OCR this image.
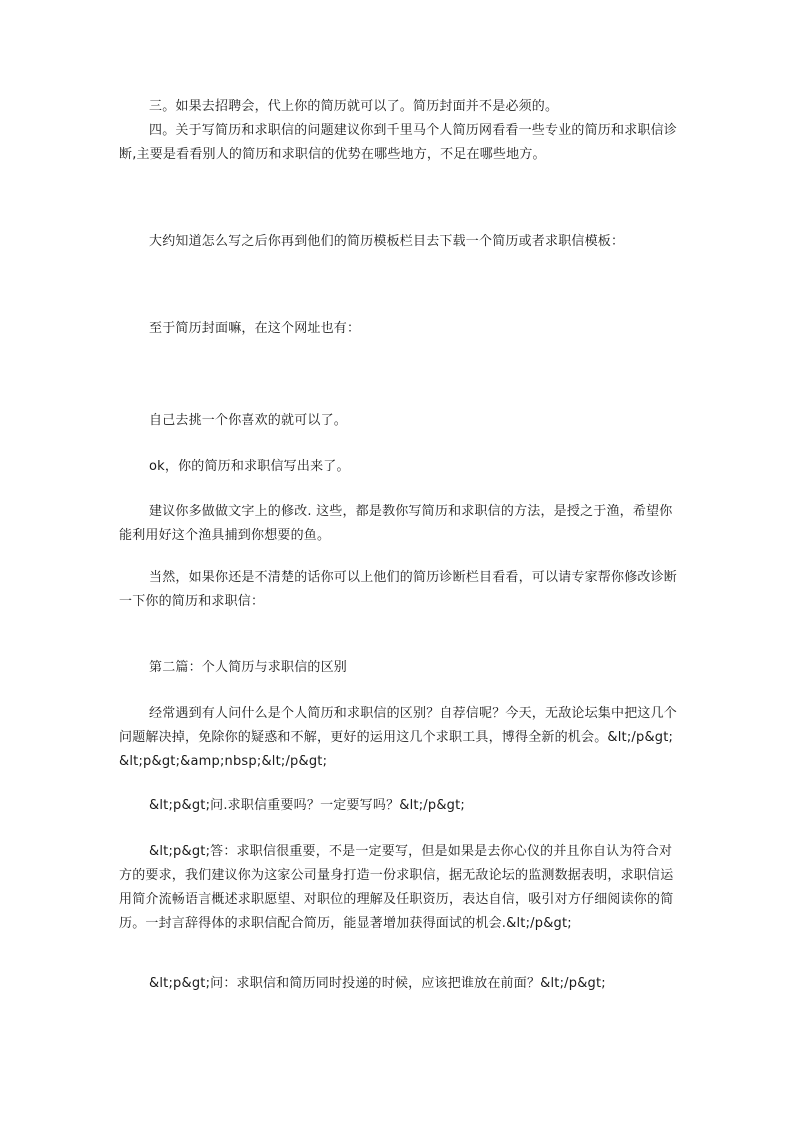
三。如果去招聘会，代上你的简历就可以了。简历封面并不是必须的。

四。关于写简历和求职信的问题建议你到千里马个人简历网看看一些专业的简历和求职信诊断,主要是看看别人的简历和求职信的优势在哪些地方，不足在哪些地方。

大约知道怎么写之后你再到他们的简历模板栏目去下载一个简历或者求职信模板：

至于简历封面嘛，在这个网址也有：

自己去挑一个你喜欢的就可以了。

ok，你的简历和求职信写出来了。

建议你多做做文字上的修改. 这些，都是教你写简历和求职信的方法，是授之于渔，希望你能利用好这个渔具捕到你想要的鱼。

当然，如果你还是不清楚的话你可以上他们的简历诊断栏目看看，可以请专家帮你修改诊断一下你的简历和求职信：

第二篇：个人简历与求职信的区别

经常遇到有人问什么是个人简历和求职信的区别？自荐信呢？今天，无敌论坛集中把这几个问题解决掉，免除你的疑惑和不解，更好的运用这几个求职工具，博得全新的机会。&lt;/p&gt; &lt;p&gt;&amp;nbsp;&lt;/p&gt;

&lt;p&gt;问.求职信重要吗？一定要写吗？&lt;/p&gt;

&lt;p&gt;答：求职信很重要，不是一定要写，但是如果是去你心仪的并且你自认为符合对方的要求，我们建议你为这家公司量身打造一份求职信，据无敌论坛的监测数据表明，求职信运用简介流畅语言概述求职愿望、对职位的理解及任职资历，表达自信，吸引对方仔细阅读你的简历。一封言辞得体的求职信配合简历，能显著增加获得面试的机会.&lt;/p&gt;

&lt;p&gt;问：求职信和简历同时投递的时候，应该把谁放在前面？&lt;/p&gt;
